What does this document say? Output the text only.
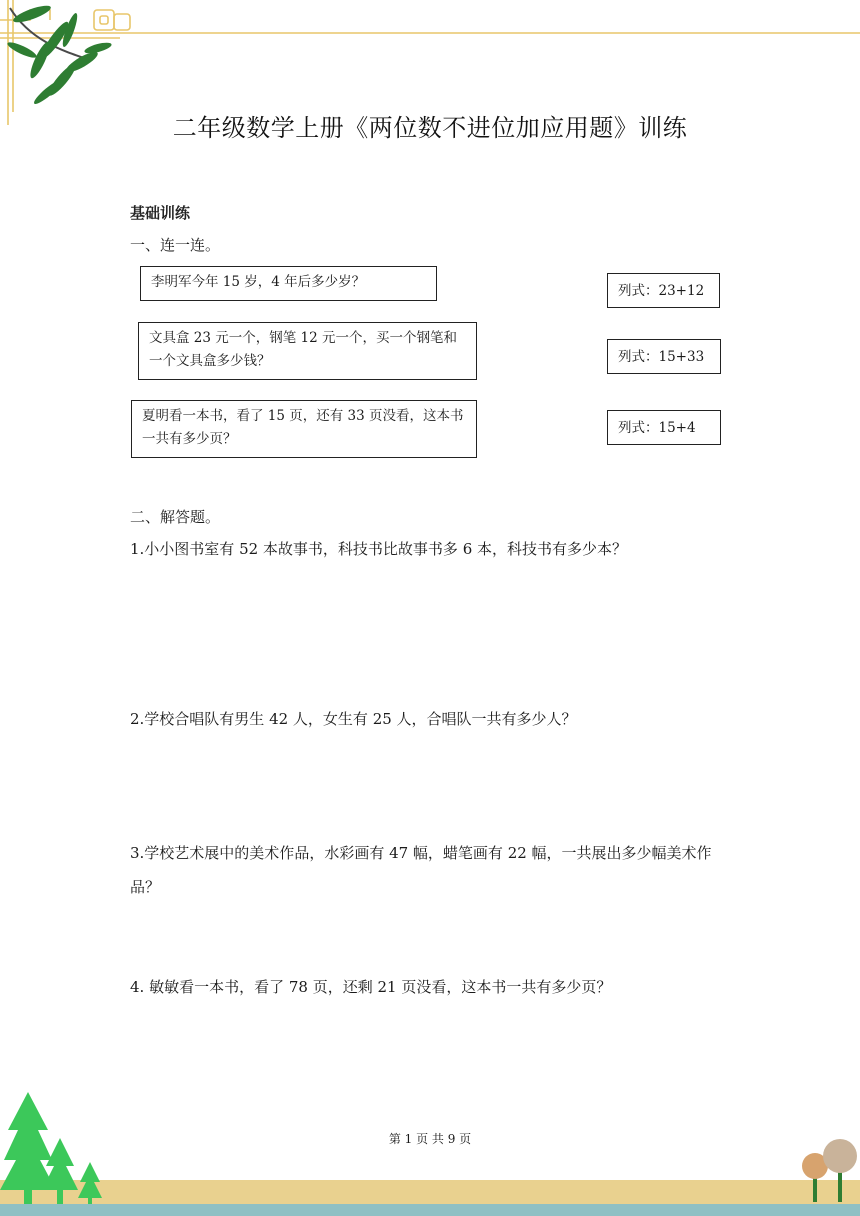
二年级数学上册《两位数不进位加应用题》训练
基础训练
一、连一连。
李明军今年 15 岁，4 年后多少岁？
文具盒 23 元一个，钢笔 12 元一个，买一个钢笔和一个文具盒多少钱？
夏明看一本书，看了 15 页，还有 33 页没看，这本书一共有多少页？
列式：23+12
列式：15+33
列式：15+4
二、解答题。
1.小小图书室有 52 本故事书，科技书比故事书多 6 本，科技书有多少本？
2.学校合唱队有男生 42 人，女生有 25 人，合唱队一共有多少人？
3.学校艺术展中的美术作品，水彩画有 47 幅，蜡笔画有 22 幅，一共展出多少幅美术作品？
4. 敏敏看一本书，看了 78 页，还剩 21 页没看，这本书一共有多少页？
第 1 页 共 9 页
